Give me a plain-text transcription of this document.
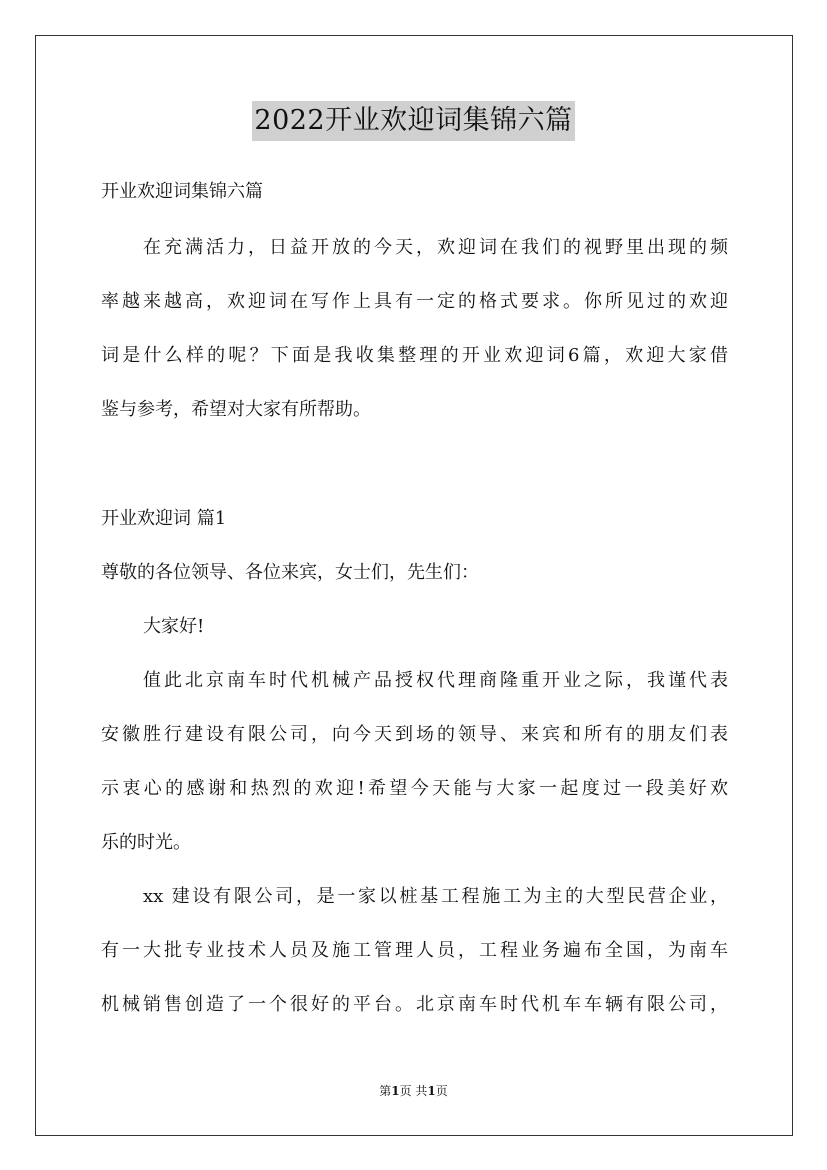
2022开业欢迎词集锦六篇
开业欢迎词集锦六篇
在充满活力，日益开放的今天，欢迎词在我们的视野里出现的频
率越来越高，欢迎词在写作上具有一定的格式要求。你所见过的欢迎
词是什么样的呢？下面是我收集整理的开业欢迎词6篇，欢迎大家借
鉴与参考，希望对大家有所帮助。
开业欢迎词 篇1
尊敬的各位领导、各位来宾，女士们，先生们：
大家好!
值此北京南车时代机械产品授权代理商隆重开业之际，我谨代表
安徽胜行建设有限公司，向今天到场的领导、来宾和所有的朋友们表
示衷心的感谢和热烈的欢迎!希望今天能与大家一起度过一段美好欢
乐的时光。
xx 建设有限公司，是一家以桩基工程施工为主的大型民营企业，
有一大批专业技术人员及施工管理人员，工程业务遍布全国，为南车
机械销售创造了一个很好的平台。北京南车时代机车车辆有限公司，
第1页 共1页
